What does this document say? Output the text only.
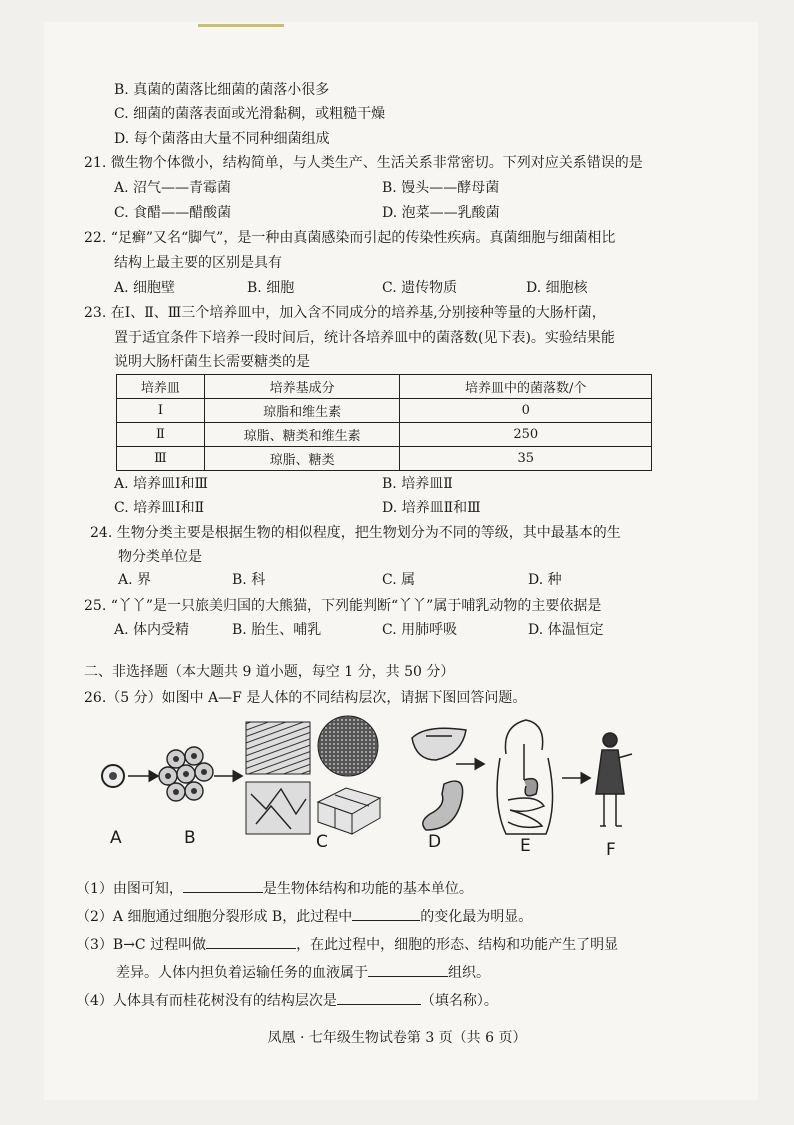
B. 真菌的菌落比细菌的菌落小很多
C. 细菌的菌落表面或光滑黏稠，或粗糙干燥
D. 每个菌落由大量不同种细菌组成
21. 微生物个体微小，结构简单，与人类生产、生活关系非常密切。下列对应关系错误的是
A. 沼气——青霉菌	B. 馒头——酵母菌
C. 食醋——醋酸菌	D. 泡菜——乳酸菌
22. “足癣”又名“脚气”，是一种由真菌感染而引起的传染性疾病。真菌细胞与细菌相比
结构上最主要的区别是具有
A. 细胞壁	B. 细胞	C. 遗传物质	D. 细胞核
23. 在Ⅰ、Ⅱ、Ⅲ三个培养皿中，加入含不同成分的培养基,分别接种等量的大肠杆菌，
置于适宜条件下培养一段时间后，统计各培养皿中的菌落数(见下表)。实验结果能
说明大肠杆菌生长需要糖类的是
培养皿	培养基成分	培养皿中的菌落数/个
Ⅰ	琼脂和维生素	0
Ⅱ	琼脂、糖类和维生素	250
Ⅲ	琼脂、糖类	35
A. 培养皿Ⅰ和Ⅲ	B. 培养皿Ⅱ
C. 培养皿Ⅰ和Ⅱ	D. 培养皿Ⅱ和Ⅲ
24. 生物分类主要是根据生物的相似程度，把生物划分为不同的等级，其中最基本的生
物分类单位是
A. 界	B. 科	C. 属	D. 种
25. “丫丫”是一只旅美归国的大熊猫，下列能判断“丫丫”属于哺乳动物的主要依据是
A. 体内受精	B. 胎生、哺乳	C. 用肺呼吸	D. 体温恒定
二、非选择题（本大题共 9 道小题，每空 1 分，共 50 分）
26.（5 分）如图中 A—F 是人体的不同结构层次，请据下图回答问题。
A	B	C	D	E	F
（1）由图可知，	是生物体结构和功能的基本单位。
（2）A 细胞通过细胞分裂形成 B，此过程中	的变化最为明显。
（3）B→C 过程叫做	，在此过程中，细胞的形态、结构和功能产生了明显
差异。人体内担负着运输任务的血液属于	组织。
（4）人体具有而桂花树没有的结构层次是	（填名称）。
凤凰 · 七年级生物试卷第 3 页（共 6 页）
